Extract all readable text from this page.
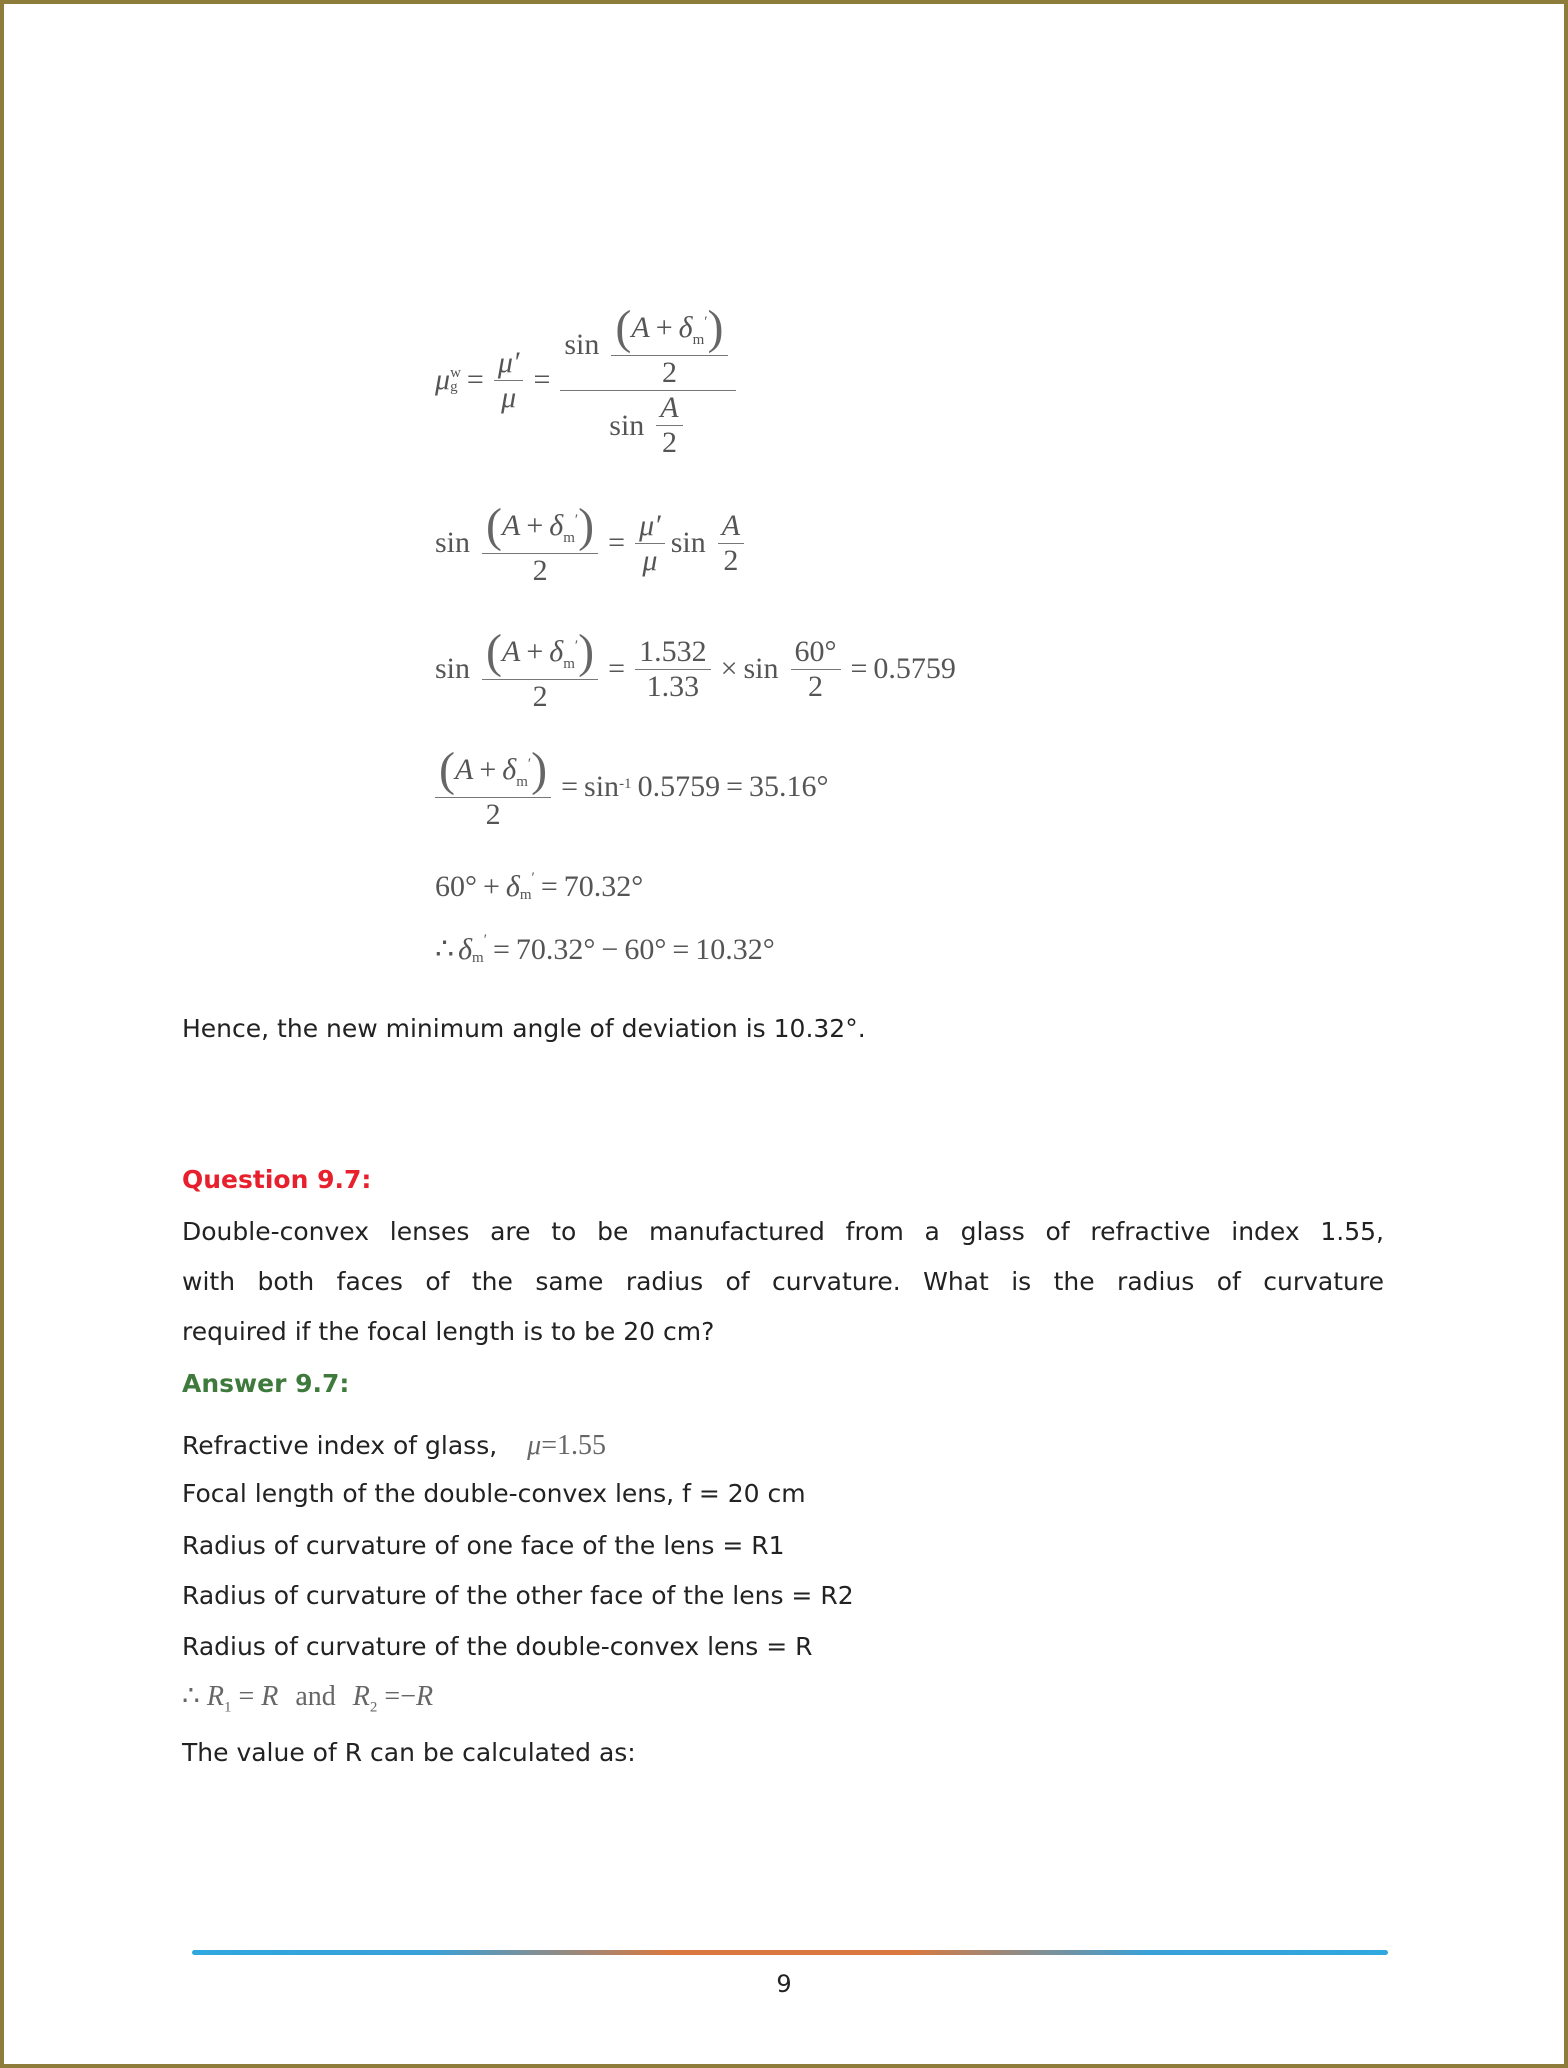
μ w
$g = \frac{\mu'}{\mu} = \frac{\sin \frac{(A + \delta_m')}{2}}{\sin \frac{A}{2}}$
$\sin \frac{(A + \delta_m')}{2} = \frac{\mu'}{\mu}$ $\sin \frac{A}{2}$
$\sin \frac{(A + \delta_m')}{2} = \frac{1.532}{1.33} \times \sin \frac{60^\circ}{2} = 0.5759$
$\frac{(A + \delta_m')}{2} = \sin -1$ 0.5759 = 35.16°
$60^\circ + \delta_m$
′ = 70.32°
∴ $\delta_m$
′ = 70.32° − 60° = 10.32°
Hence, the new minimum angle of deviation is 10.32°.
Question 9.7:
Double-convex lenses are to be manufactured from a glass of refractive index 1.55,
with both faces of the same radius of curvature. What is the radius of curvature
required if the focal length is to be 20 cm?
Answer 9.7:
Refractive index of glass, μ=1.55
Focal length of the double-convex lens, f = 20 cm
Radius of curvature of one face of the lens = R1
Radius of curvature of the other face of the lens = R2
Radius of curvature of the double-convex lens = R
∴ $R_1 = R$ and $R_2 =-R$
The value of R can be calculated as:
9
